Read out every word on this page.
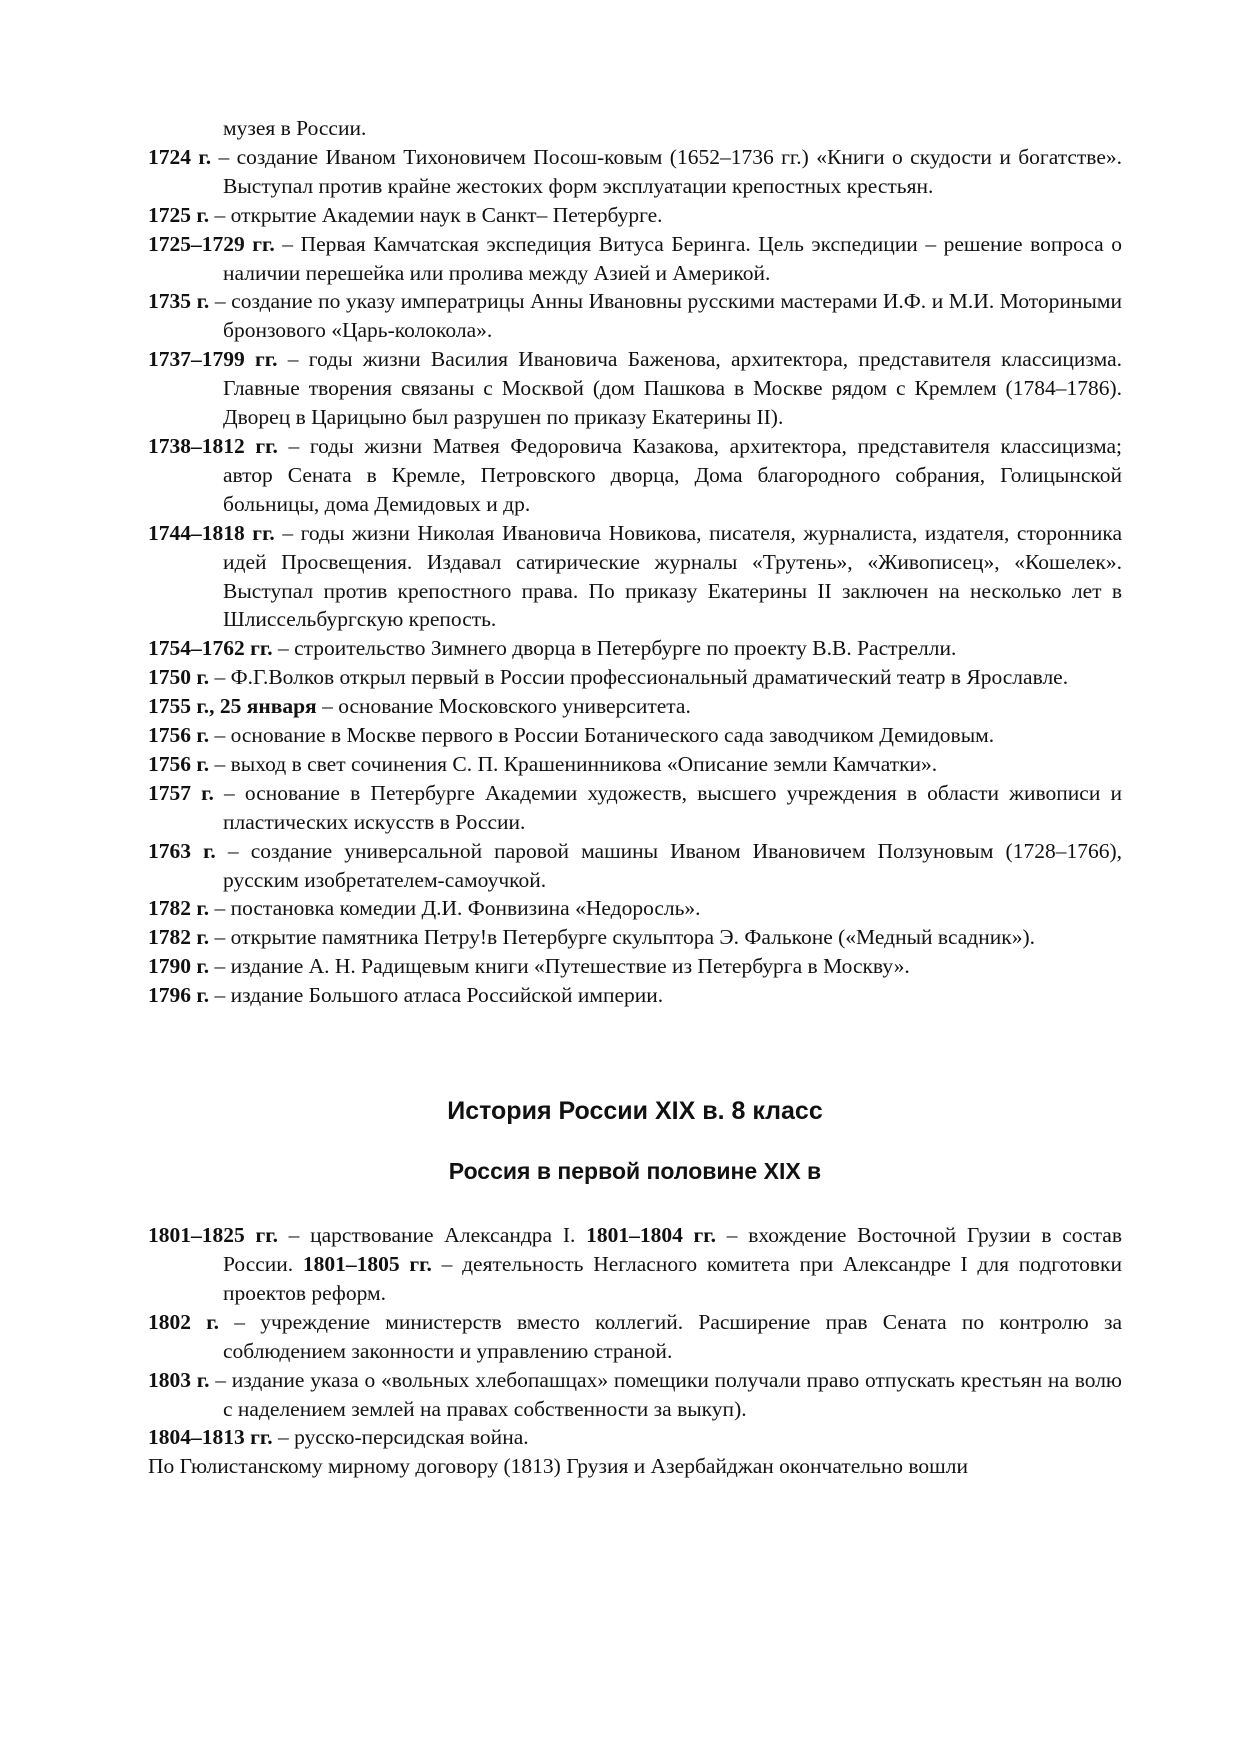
музея в России.
1724 г. – создание Иваном Тихоновичем Посош-ковым (1652–1736 гг.) «Книги о скудости и богатстве». Выступал против крайне жестоких форм эксплуатации крепостных крестьян.
1725 г. – открытие Академии наук в Санкт– Петербурге.
1725–1729 гг. – Первая Камчатская экспедиция Витуса Беринга. Цель экспедиции – решение вопроса о наличии перешейка или пролива между Азией и Америкой.
1735 г. – создание по указу императрицы Анны Ивановны русскими мастерами И.Ф. и М.И. Моториными бронзового «Царь-колокола».
1737–1799 гг. – годы жизни Василия Ивановича Баженова, архитектора, представителя классицизма. Главные творения связаны с Москвой (дом Пашкова в Москве рядом с Кремлем (1784–1786). Дворец в Царицыно был разрушен по приказу Екатерины II).
1738–1812 гг. – годы жизни Матвея Федоровича Казакова, архитектора, представителя классицизма; автор Сената в Кремле, Петровского дворца, Дома благородного собрания, Голицынской больницы, дома Демидовых и др.
1744–1818 гг. – годы жизни Николая Ивановича Новикова, писателя, журналиста, издателя, сторонника идей Просвещения. Издавал сатирические журналы «Трутень», «Живописец», «Кошелек». Выступал против крепостного права. По приказу Екатерины II заключен на несколько лет в Шлиссельбургскую крепость.
1754–1762 гг. – строительство Зимнего дворца в Петербурге по проекту В.В. Растрелли.
1750 г. – Ф.Г.Волков открыл первый в России профессиональный драматический театр в Ярославле.
1755 г., 25 января – основание Московского университета.
1756 г. – основание в Москве первого в России Ботанического сада заводчиком Демидовым.
1756 г. – выход в свет сочинения С. П. Крашенинникова «Описание земли Камчатки».
1757 г. – основание в Петербурге Академии художеств, высшего учреждения в области живописи и пластических искусств в России.
1763 г. – создание универсальной паровой машины Иваном Ивановичем Ползуновым (1728–1766), русским изобретателем-самоучкой.
1782 г. – постановка комедии Д.И. Фонвизина «Недоросль».
1782 г. – открытие памятника Петру!в Петербурге скульптора Э. Фальконе («Медный всадник»).
1790 г. – издание А. Н. Радищевым книги «Путешествие из Петербурга в Москву».
1796 г. – издание Большого атласа Российской империи.
История России XIX в. 8 класс
Россия в первой половине XIX в
1801–1825 гг. – царствование Александра I. 1801–1804 гг. – вхождение Восточной Грузии в состав России. 1801–1805 гг. – деятельность Негласного комитета при Александре I для подготовки проектов реформ.
1802 г. – учреждение министерств вместо коллегий. Расширение прав Сената по контролю за соблюдением законности и управлению страной.
1803 г. – издание указа о «вольных хлебопашцах» помещики получали право отпускать крестьян на волю с наделением землей на правах собственности за выкуп).
1804–1813 гг. – русско-персидская война.
По Гюлистанскому мирному договору (1813) Грузия и Азербайджан окончательно вошли
